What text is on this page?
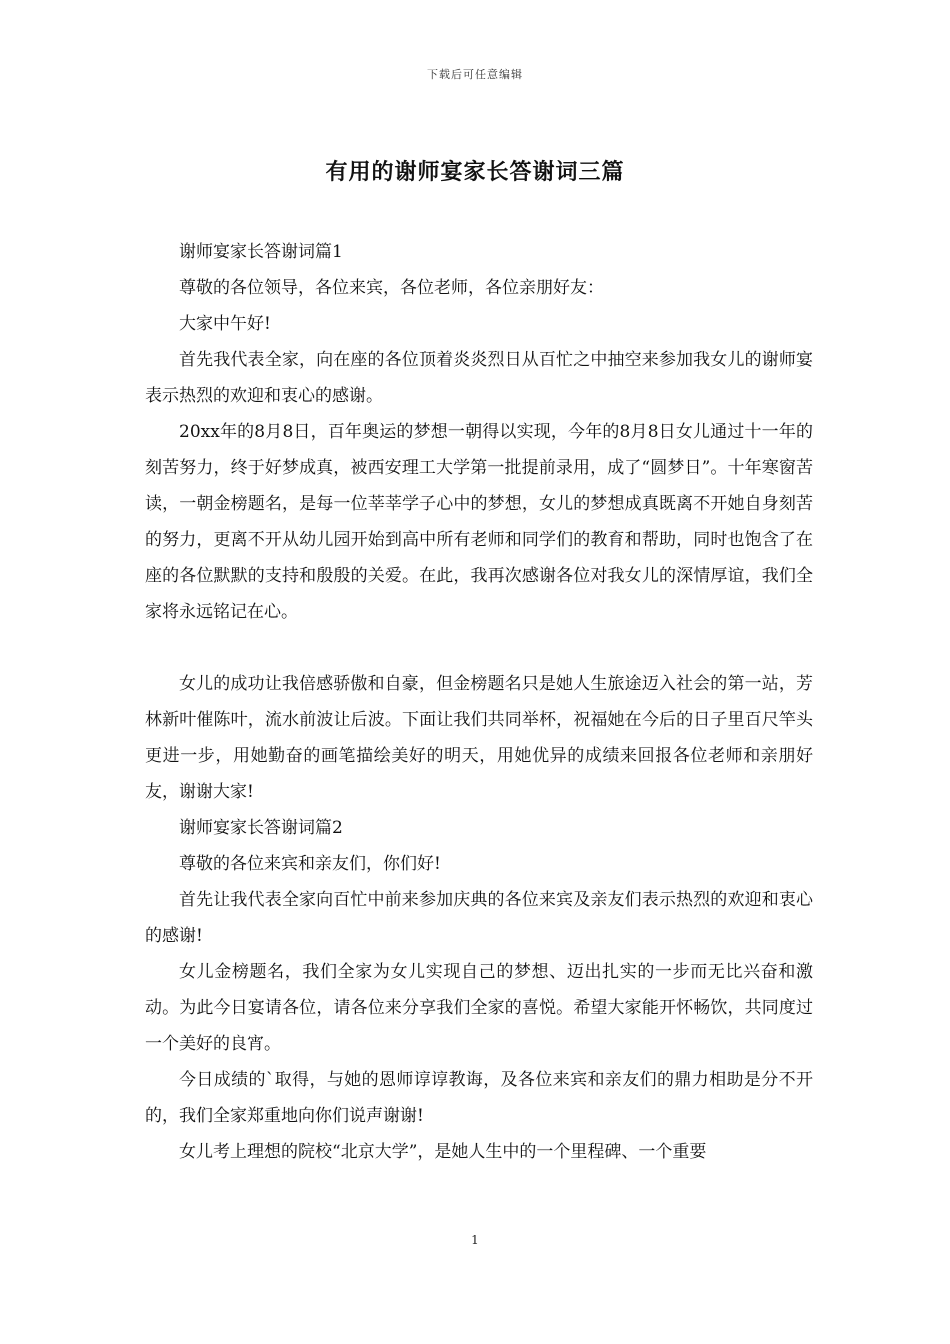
下载后可任意编辑
有用的谢师宴家长答谢词三篇

谢师宴家长答谢词篇1

尊敬的各位领导，各位来宾，各位老师，各位亲朋好友：

大家中午好!

首先我代表全家，向在座的各位顶着炎炎烈日从百忙之中抽空来参加我女儿的谢师宴表示热烈的欢迎和衷心的感谢。

20xx年的8月8日，百年奥运的梦想一朝得以实现，今年的8月8日女儿通过十一年的刻苦努力，终于好梦成真，被西安理工大学第一批提前录用，成了“圆梦日”。十年寒窗苦读，一朝金榜题名，是每一位莘莘学子心中的梦想，女儿的梦想成真既离不开她自身刻苦的努力，更离不开从幼儿园开始到高中所有老师和同学们的教育和帮助，同时也饱含了在座的各位默默的支持和殷殷的关爱。在此，我再次感谢各位对我女儿的深情厚谊，我们全家将永远铭记在心。

女儿的成功让我倍感骄傲和自豪，但金榜题名只是她人生旅途迈入社会的第一站，芳林新叶催陈叶，流水前波让后波。下面让我们共同举杯，祝福她在今后的日子里百尺竿头更进一步，用她勤奋的画笔描绘美好的明天，用她优异的成绩来回报各位老师和亲朋好友，谢谢大家!

谢师宴家长答谢词篇2

尊敬的各位来宾和亲友们，你们好!

首先让我代表全家向百忙中前来参加庆典的各位来宾及亲友们表示热烈的欢迎和衷心的感谢!

女儿金榜题名，我们全家为女儿实现自己的梦想、迈出扎实的一步而无比兴奋和激动。为此今日宴请各位，请各位来分享我们全家的喜悦。希望大家能开怀畅饮，共同度过一个美好的良宵。

今日成绩的`取得，与她的恩师谆谆教诲，及各位来宾和亲友们的鼎力相助是分不开的，我们全家郑重地向你们说声谢谢!

女儿考上理想的院校“北京大学”，是她人生中的一个里程碑、一个重要

1
